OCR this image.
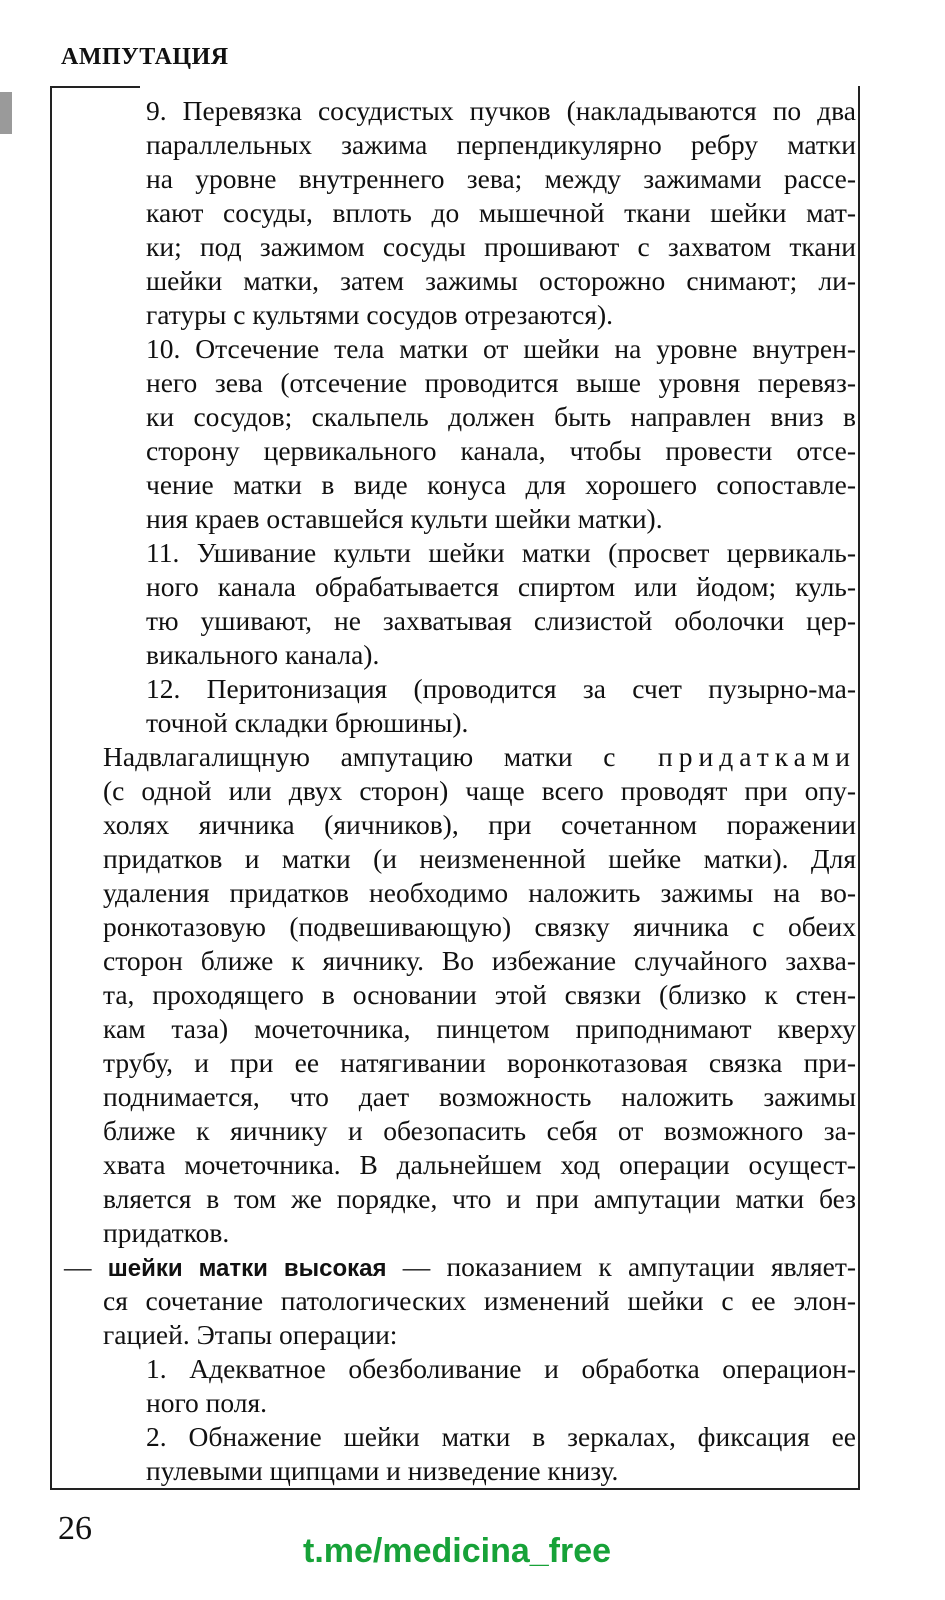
АМПУТАЦИЯ
9. Перевязка сосудистых пучков (накладываются по два
параллельных зажима перпендикулярно ребру матки
на уровне внутреннего зева; между зажимами рассе-
кают сосуды, вплоть до мышечной ткани шейки мат-
ки; под зажимом сосуды прошивают с захватом ткани
шейки матки, затем зажимы осторожно снимают; ли-
гатуры с культями сосудов отрезаются).
10. Отсечение тела матки от шейки на уровне внутрен-
него зева (отсечение проводится выше уровня перевяз-
ки сосудов; скальпель должен быть направлен вниз в
сторону цервикального канала, чтобы провести отсе-
чение матки в виде конуса для хорошего сопоставле-
ния краев оставшейся культи шейки матки).
11. Ушивание культи шейки матки (просвет цервикаль-
ного канала обрабатывается спиртом или йодом; куль-
тю ушивают, не захватывая слизистой оболочки цер-
викального канала).
12. Перитонизация (проводится за счет пузырно-ма-
точной складки брюшины).
Надвлагалищную ампутацию матки с придатками
(с одной или двух сторон) чаще всего проводят при опу-
холях яичника (яичников), при сочетанном поражении
придатков и матки (и неизмененной шейке матки). Для
удаления придатков необходимо наложить зажимы на во-
ронкотазовую (подвешивающую) связку яичника с обеих
сторон ближе к яичнику. Во избежание случайного захва-
та, проходящего в основании этой связки (близко к стен-
кам таза) мочеточника, пинцетом приподнимают кверху
трубу, и при ее натягивании воронкотазовая связка при-
поднимается, что дает возможность наложить зажимы
ближе к яичнику и обезопасить себя от возможного за-
хвата мочеточника. В дальнейшем ход операции осущест-
вляется в том же порядке, что и при ампутации матки без
придатков.
— шейки матки высокая — показанием к ампутации являет-
ся сочетание патологических изменений шейки с ее элон-
гацией. Этапы операции:
1. Адекватное обезболивание и обработка операцион-
ного поля.
2. Обнажение шейки матки в зеркалах, фиксация ее
пулевыми щипцами и низведение книзу.
26
t.me/medicina_free
